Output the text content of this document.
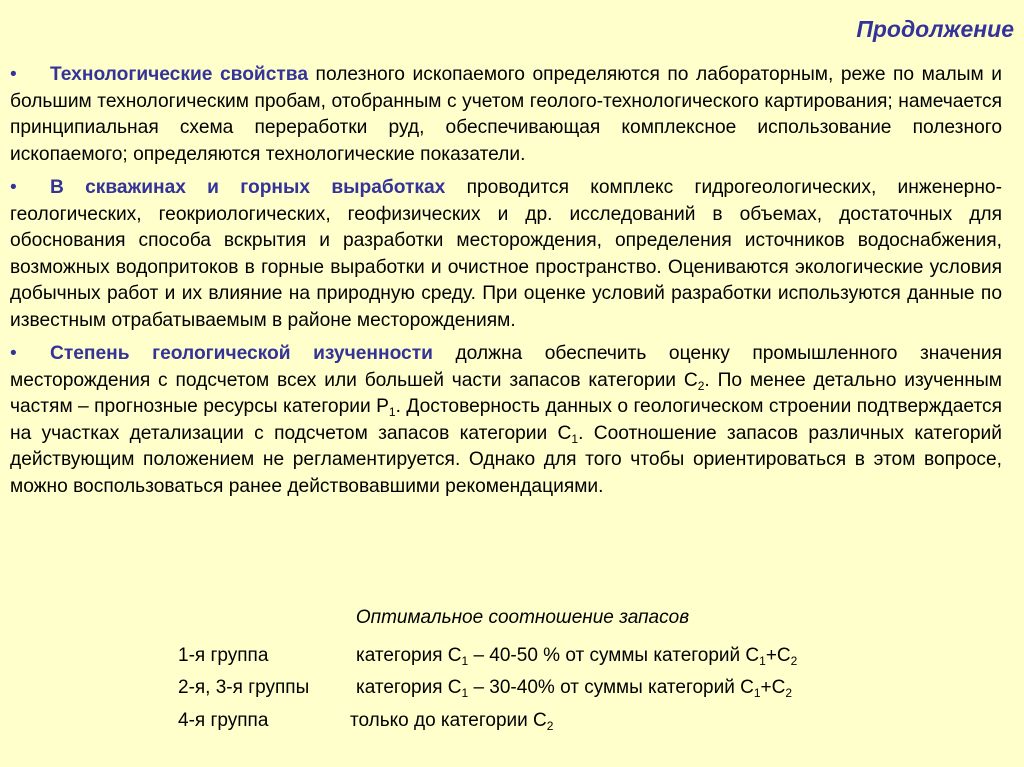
Продолжение
• Технологические свойства полезного ископаемого определяются по лабораторным, реже по малым и большим технологическим пробам, отобранным с учетом геолого-технологического картирования; намечается принципиальная схема переработки руд, обеспечивающая комплексное использование полезного ископаемого; определяются технологические показатели.
• В скважинах и горных выработках проводится комплекс гидрогеологических, инженерно-геологических, геокриологических, геофизических и др. исследований в объемах, достаточных для обоснования способа вскрытия и разработки месторождения, определения источников водоснабжения, возможных водопритоков в горные выработки и очистное пространство. Оцениваются экологические условия добычных работ и их влияние на природную среду. При оценке условий разработки используются данные по известным отрабатываемым в районе месторождениям.
• Степень геологической изученности должна обеспечить оценку промышленного значения месторождения с подсчетом всех или большей части запасов категории $С_2$. По менее детально изученным частям – прогнозные ресурсы категории $Р_1$. Достоверность данных о геологическом строении подтверждается на участках детализации с подсчетом запасов категории $С_1$. Соотношение запасов различных категорий действующим положением не регламентируется. Однако для того чтобы ориентироваться в этом вопросе, можно воспользоваться ранее действовавшими рекомендациями.
Оптимальное соотношение запасов
1-я группа	категория $С_1 - 40-50$ % от суммы категорий $С_1+С_2$
2-я, 3-я группы категория $С_1 - 30-40\%$ от суммы категорий $С_1+С_2$
4-я группа	только до категории $С_2$
